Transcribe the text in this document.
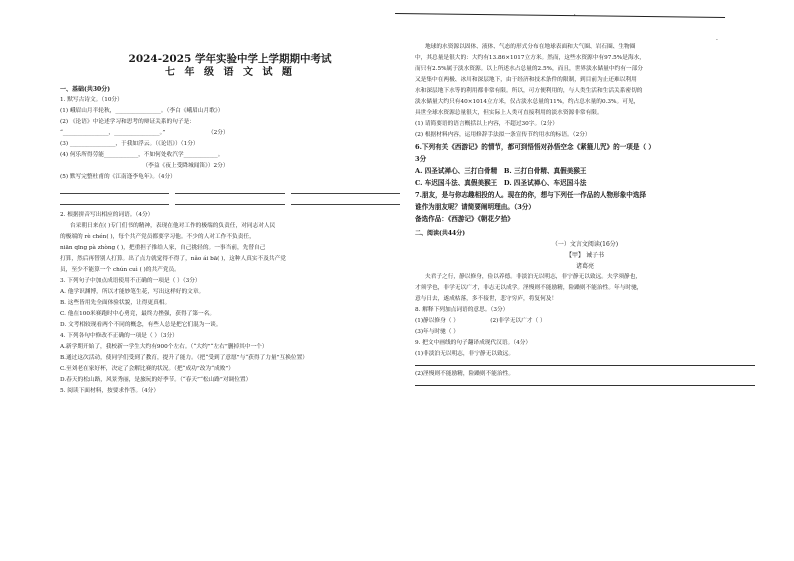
'
·
2024-2025 学年实验中学上学期期中考试
七 年 级 语 文 试 题
一、基础(共30分)
1. 默写古诗文。（10分）
(1) 峨眉山月半轮秋，________________。（李白《峨眉山月歌》）
(2) 《论语》中论述学习和思考的辩证关系的句子是：
“________________，________________。”　　　　　　　　（2分）
(3) ________________，于我如浮云。（《论语》）（1分）
(4) 何乐所得劳能____________，不如何处收汽学____________。
　　　　　　　　　　　　　　　（李益《夜上受降城闻笛》）2分）
(5) 默写完整杜甫的《江南逢李龟年》。（4分）
2. 根据拼音写出相应的词语。（4分）
台采朝日来在( )专门们书的精神，表现在他对工作的极端的负责任，对同志对人民
的极端的 rè chén( )，每个共产党员都要学习他。不少的人对工作不负责任，
niān qīng pà zhòng ( )，把重担子推给人家，自己挑轻的。一事当前，先替自己
打算，然后再替别人打算。出了点力就觉得不得了，nǎo ái bā( )，这种人真实不及共产党
员，至少不能算一个 chún cuì ( )的共产党员。
3. 下列句子中加点成语使用不正确的一项是（ ）（3分）
A. 他学识渊博，所以才能妙笔生花，写出这样好的文章。
B. 这些皆用先全面体验状貌，让得更真相。
C. 他在100米赛跑时中心勇竞，最终力挫强，获得了第一名。
D. 文考相较现看两个不同的概念，有些人总是把它们混为一谈。
4. 下列各句中修改不正确的一项是（ ）（3分）
A.新学期开始了，我校新一学生大约有900个左右。（“大约”“左右”删掉其中一个）
B.通过这次活动，使同学们受到了教育，提升了能力。（把“受到了意愿”与“获得了力量”互换位置）
C.至刘老在家好杯，决定了会解比赛的状况。（把“成功”改为“成败”）
D.春天的松山路，风景秀丽，是旅玩的好季节。（“春天”“松山路”对调位置）
5. 阅读下面材料，按要求作答。（4分）
地球的水资源以固体、液体、气态的形式分布在地球表面和大气圈、岩石圈、生物圈
中，其总量是很大的：大约有13.86×1017立方米。然而，这些水资源中有97.5%是海水，
而只有2.5%属于淡水资源。以上所述水占总量的2.5%，而且，世界淡水储量中约有一部分
又是集中在两极、冰川和深层地下，由于经济和技术条件的限制，到目前为止还难以利用
水和深层地下水等的利用都非常有限。所以，可方便利用的，与人类生活和生活关系密切的
淡水储量大约只有40×1014立方米，仅占淡水总量的11%，约占总水量的0.3%。可见，
具世全球水资源总量很大，但实际上人类可直接利用的淡水资源非常有限。
(1) 请简要语的语言概括以上内容，不超过30字。（2分）
(2) 根据材料内容，运用修辞手法拟一条宣传节约用水的标语。（2分）
6.下列有关《西游记》的情节，都可到悟悟对孙悟空念《紧箍儿咒》的一项是（ ）
3分
A. 四圣试禅心、三打白骨精　B. 三打白骨精、真假美猴王
C. 车迟国斗法、真假美猴王　D. 四圣试禅心、车迟国斗法
7.朋友，是与你志趣相投的人。现在的你，想与下列任一作品的人物形象中选择
谁作为朋友呢？请简要阐明理由。（3分）
备选作品：《西游记》《朝花夕拾》
二、阅读(共44分)
（一）文言文阅读(16分)
【甲】 诫子书
诸葛亮
夫君子之行，静以修身，俭以养德。非淡泊无以明志，非宁静无以致远。夫学须静也，
才须学也，非学无以广才，非志无以成学。淫慢则不能励精，险躁则不能治性。年与时驰，
意与日去，遂成枯落，多不接世，悲守穷庐，将复何及！
8. 解释下列加点词语的意思。（3分）
(1)静以修身（ ）　　　　　　(2)非学无以广才（ ）
(3)年与时驰（ ）
9. 把文中画线的句子翻译成现代汉语。（4分）
(1)非淡泊无以明志，非宁静无以致远。
(2)淫慢则不能励精，险躁则不能治性。
